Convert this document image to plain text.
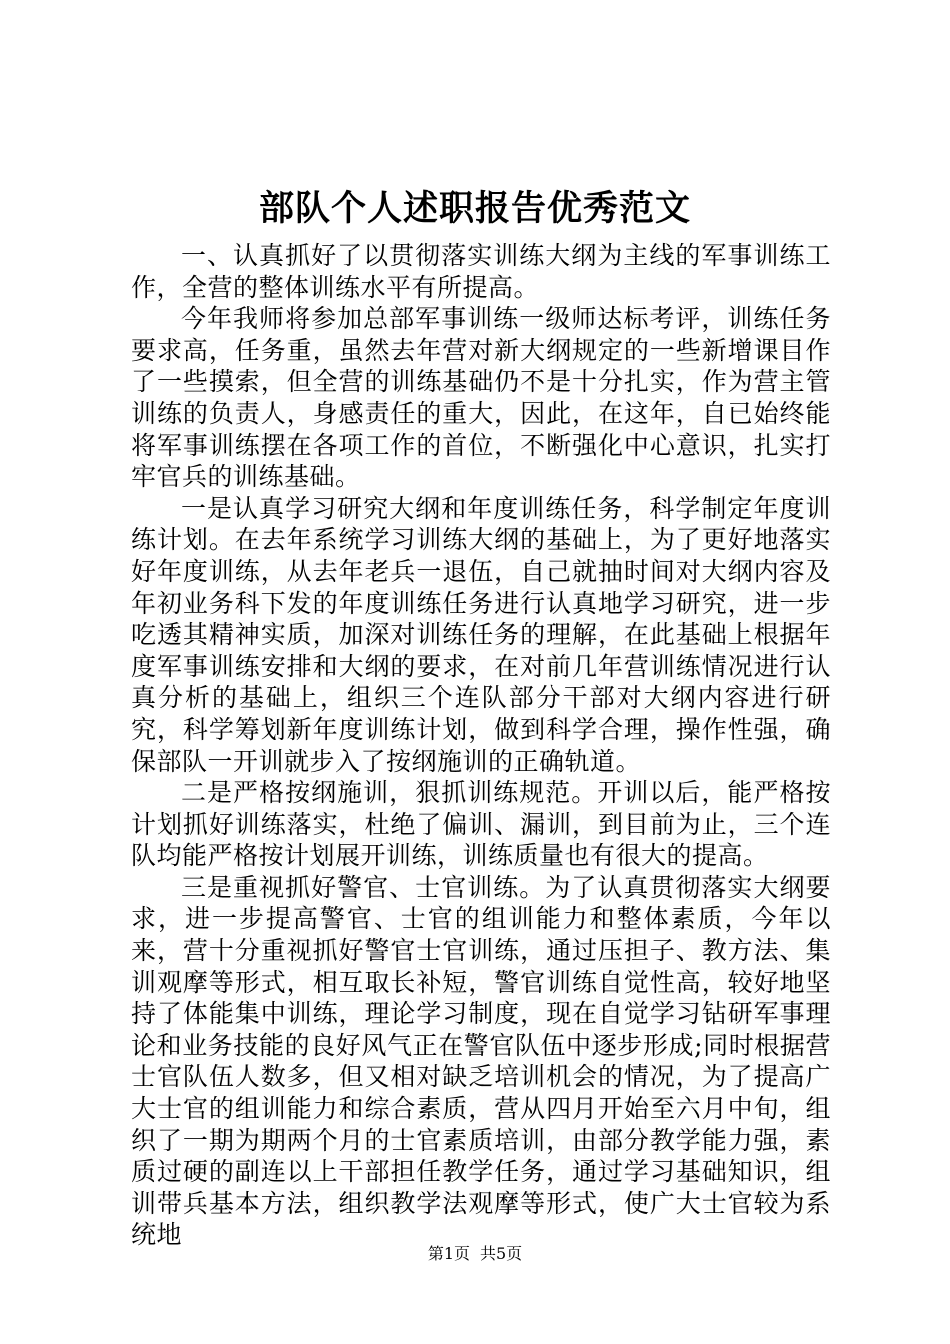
部队个人述职报告优秀范文

一、认真抓好了以贯彻落实训练大纲为主线的军事训练工作，全营的整体训练水平有所提高。

今年我师将参加总部军事训练一级师达标考评，训练任务要求高，任务重，虽然去年营对新大纲规定的一些新增课目作了一些摸索，但全营的训练基础仍不是十分扎实，作为营主管训练的负责人，身感责任的重大，因此，在这年，自已始终能将军事训练摆在各项工作的首位，不断强化中心意识，扎实打牢官兵的训练基础。

一是认真学习研究大纲和年度训练任务，科学制定年度训练计划。在去年系统学习训练大纲的基础上，为了更好地落实好年度训练，从去年老兵一退伍，自己就抽时间对大纲内容及年初业务科下发的年度训练任务进行认真地学习研究，进一步吃透其精神实质，加深对训练任务的理解，在此基础上根据年度军事训练安排和大纲的要求，在对前几年营训练情况进行认真分析的基础上，组织三个连队部分干部对大纲内容进行研究，科学筹划新年度训练计划，做到科学合理，操作性强，确保部队一开训就步入了按纲施训的正确轨道。

二是严格按纲施训，狠抓训练规范。开训以后，能严格按计划抓好训练落实，杜绝了偏训、漏训，到目前为止，三个连队均能严格按计划展开训练，训练质量也有很大的提高。

三是重视抓好警官、士官训练。为了认真贯彻落实大纲要求，进一步提高警官、士官的组训能力和整体素质，今年以来，营十分重视抓好警官士官训练，通过压担子、教方法、集训观摩等形式，相互取长补短，警官训练自觉性高，较好地坚持了体能集中训练，理论学习制度，现在自觉学习钻研军事理论和业务技能的良好风气正在警官队伍中逐步形成;同时根据营士官队伍人数多，但又相对缺乏培训机会的情况，为了提高广大士官的组训能力和综合素质，营从四月开始至六月中旬，组织了一期为期两个月的士官素质培训，由部分教学能力强，素质过硬的副连以上干部担任教学任务，通过学习基础知识，组训带兵基本方法，组织教学法观摩等形式，使广大士官较为系统地

第1页 共5页
